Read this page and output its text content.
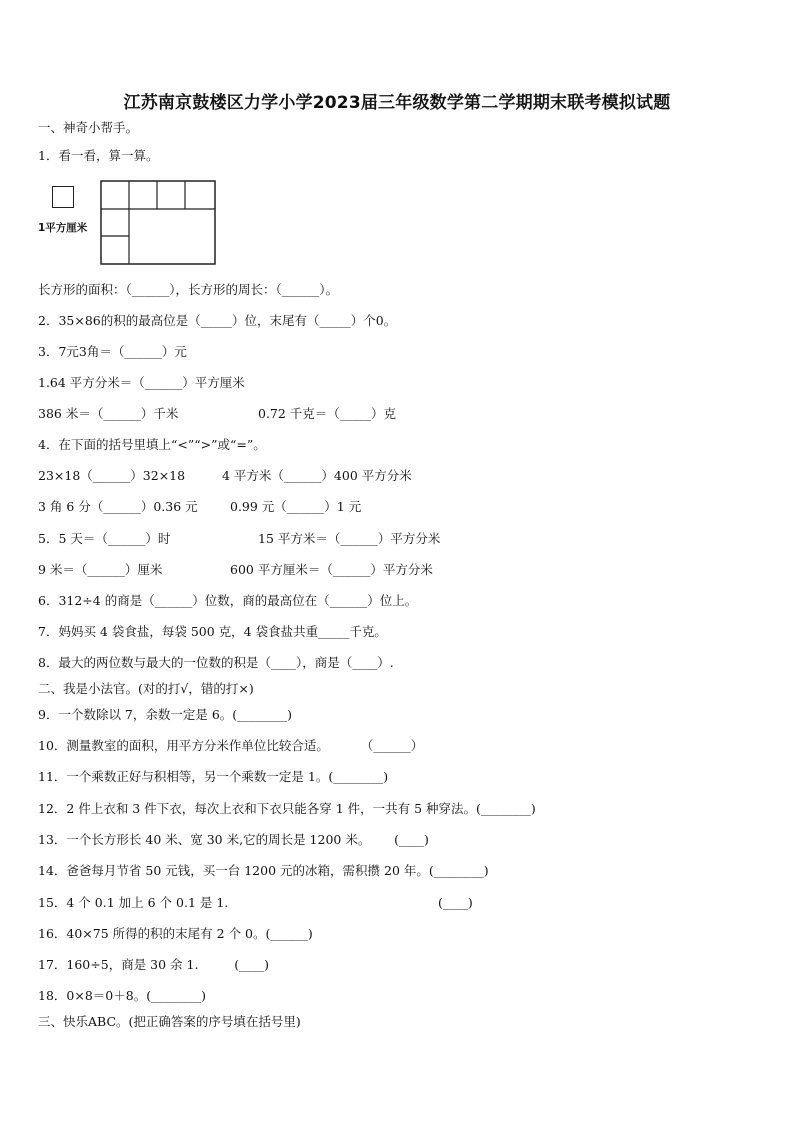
江苏南京鼓楼区力学小学2023届三年级数学第二学期期末联考模拟试题
一、神奇小帮手。
1．看一看，算一算。
1平方厘米
长方形的面积：（______），长方形的周长：（______）。
2．35×86的积的最高位是（_____）位，末尾有（_____）个0。
3．7元3角＝（______）元
1.64 平方分米＝（______）平方厘米
386 米＝（______）千米	0.72 千克＝（_____）克
4．在下面的括号里填上“<”“>”或“=”。
23×18（______）32×18	4 平方米（______）400 平方分米
3 角 6 分（______）0.36 元	0.99 元（______）1 元
5．5 天＝（______）时	15 平方米＝（______）平方分米
9 米＝（______）厘米	600 平方厘米＝（______）平方分米
6．312÷4 的商是（______）位数，商的最高位在（______）位上。
7．妈妈买 4 袋食盐，每袋 500 克，4 袋食盐共重_____千克。
8．最大的两位数与最大的一位数的积是（____），商是（____）.
二、我是小法官。(对的打√，错的打×)
9．一个数除以 7，余数一定是 6。(________)
10．测量教室的面积，用平方分米作单位比较合适。        （______）
11．一个乘数正好与积相等，另一个乘数一定是 1。(________)
12．2 件上衣和 3 件下衣，每次上衣和下衣只能各穿 1 件，一共有 5 种穿法。(________)
13．一个长方形长 40 米、宽 30 米,它的周长是 1200 米。      (____)
14．爸爸每月节省 50 元钱，买一台 1200 元的冰箱，需积攒 20 年。(________)
15．4 个 0.1 加上 6 个 0.1 是 1.	(____)
16．40×75 所得的积的末尾有 2 个 0。(______)
17．160÷5，商是 30 余 1.         (____)
18．0×8＝0＋8。(________)
三、快乐ABC。(把正确答案的序号填在括号里)
